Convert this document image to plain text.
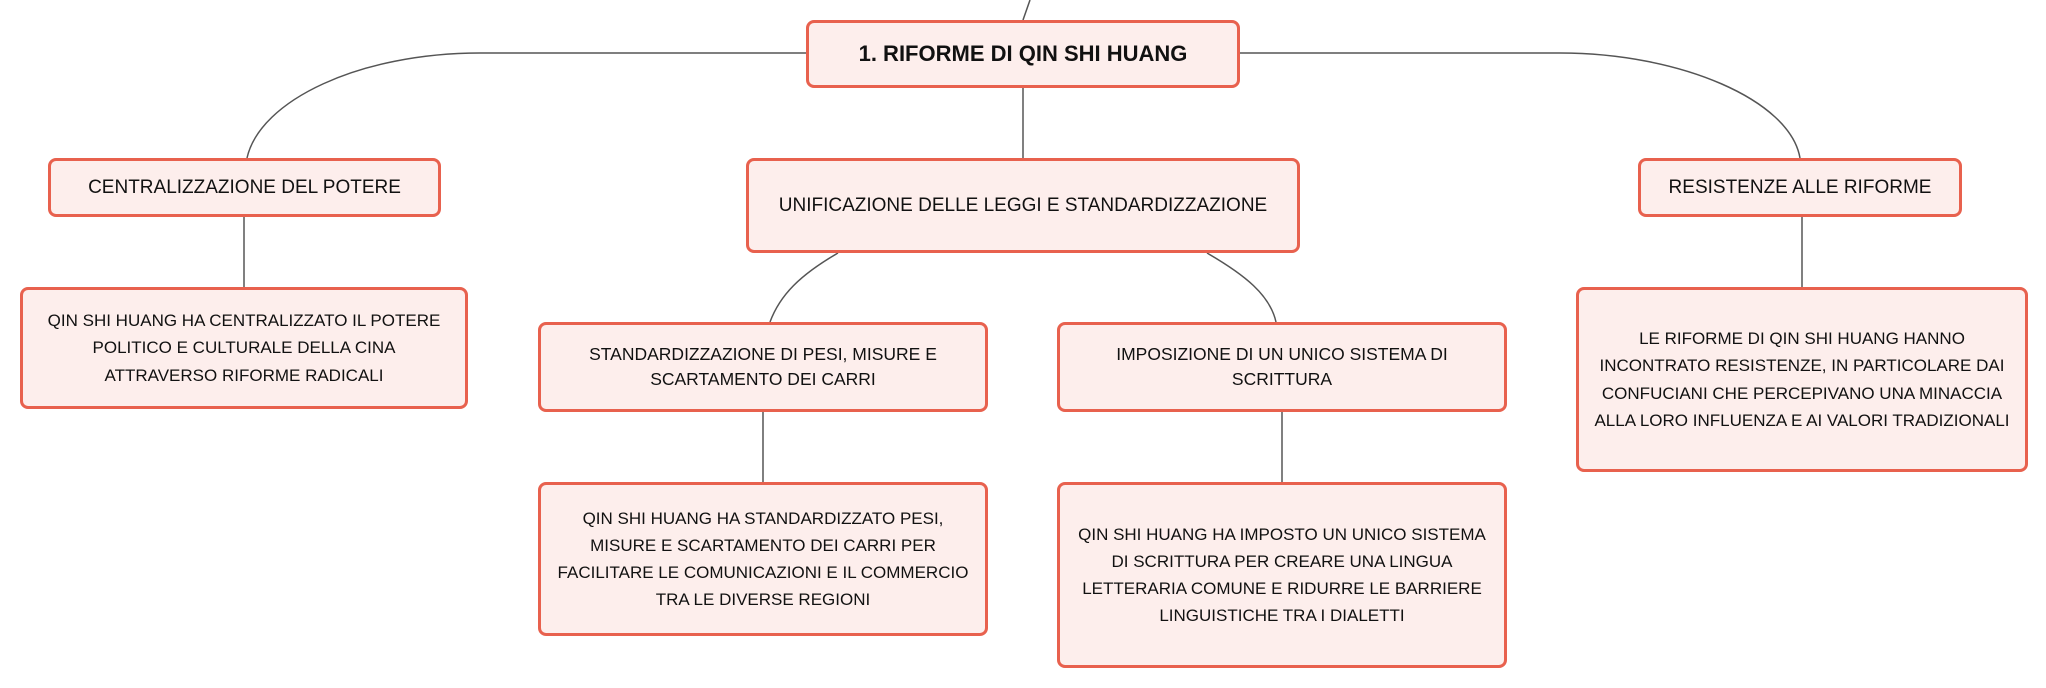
1. RIFORME DI QIN SHI HUANG
CENTRALIZZAZIONE DEL POTERE
UNIFICAZIONE DELLE LEGGI E STANDARDIZZAZIONE
RESISTENZE ALLE RIFORME
QIN SHI HUANG HA CENTRALIZZATO IL POTERE POLITICO E CULTURALE DELLA CINA ATTRAVERSO RIFORME RADICALI
STANDARDIZZAZIONE DI PESI, MISURE E SCARTAMENTO DEI CARRI
IMPOSIZIONE DI UN UNICO SISTEMA DI SCRITTURA
LE RIFORME DI QIN SHI HUANG HANNO INCONTRATO RESISTENZE, IN PARTICOLARE DAI CONFUCIANI CHE PERCEPIVANO UNA MINACCIA ALLA LORO INFLUENZA E AI VALORI TRADIZIONALI
QIN SHI HUANG HA STANDARDIZZATO PESI, MISURE E SCARTAMENTO DEI CARRI PER FACILITARE LE COMUNICAZIONI E IL COMMERCIO TRA LE DIVERSE REGIONI
QIN SHI HUANG HA IMPOSTO UN UNICO SISTEMA DI SCRITTURA PER CREARE UNA LINGUA LETTERARIA COMUNE E RIDURRE LE BARRIERE LINGUISTICHE TRA I DIALETTI
